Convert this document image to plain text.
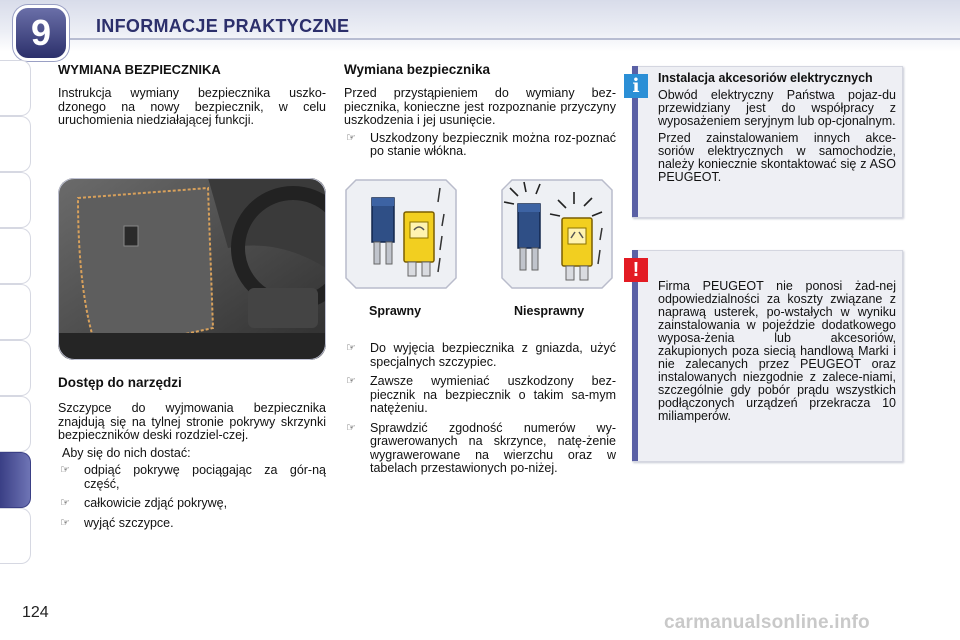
9	INFORMACJE PRAKTYCZNE
WYMIANA BEZPIECZNIKA

Instrukcja wymiany bezpiecznika uszko-dzonego na nowy bezpiecznik, w celu uruchomienia niedziałającej funkcji.

Dostęp do narzędzi

Szczypce do wyjmowania bezpiecznika znajdują się na tylnej stronie pokrywy skrzynki bezpieczników deski rozdziel-czej.

Aby się do nich dostać:

☞ odpiąć pokrywę pociągając za gór-ną część,
☞ całkowicie zdjąć pokrywę,
☞ wyjąć szczypce.
Wymiana bezpiecznika

Przed przystąpieniem do wymiany bez-piecznika, konieczne jest rozpoznanie przyczyny uszkodzenia i jej usunięcie.

☞ Uszkodzony bezpiecznik można roz-poznać po stanie włókna.
Sprawny	Niesprawny
☞ Do wyjęcia bezpiecznika z gniazda, użyć specjalnych szczypiec.
☞ Zawsze wymieniać uszkodzony bez-piecznik na bezpiecznik o takim sa-mym natężeniu.
☞ Sprawdzić zgodność numerów wy-grawerowanych na skrzynce, natę-żenie wygrawerowane na wierzchu oraz w tabelach przestawionych po-niżej.
i	Instalacja akcesoriów elektrycznych

Obwód elektryczny Państwa pojaz-du przewidziany jest do współpracy z wyposażeniem seryjnym lub op-cjonalnym.

Przed zainstalowaniem innych akce-soriów elektrycznych w samochodzie, należy koniecznie skontaktować się z ASO PEUGEOT.

!

Firma PEUGEOT nie ponosi żad-nej odpowiedzialności za koszty związane z naprawą usterek, po-wstałych w wyniku zainstalowania w pojeździe dodatkowego wyposa-żenia lub akcesoriów, zakupionych poza siecią handlową Marki i nie zalecanych przez PEUGEOT oraz instalowanych niezgodnie z zalece-niami, szczególnie gdy pobór prądu wszystkich podłączonych urządzeń przekracza 10 miliamperów.

124	carmanualsonline.info
